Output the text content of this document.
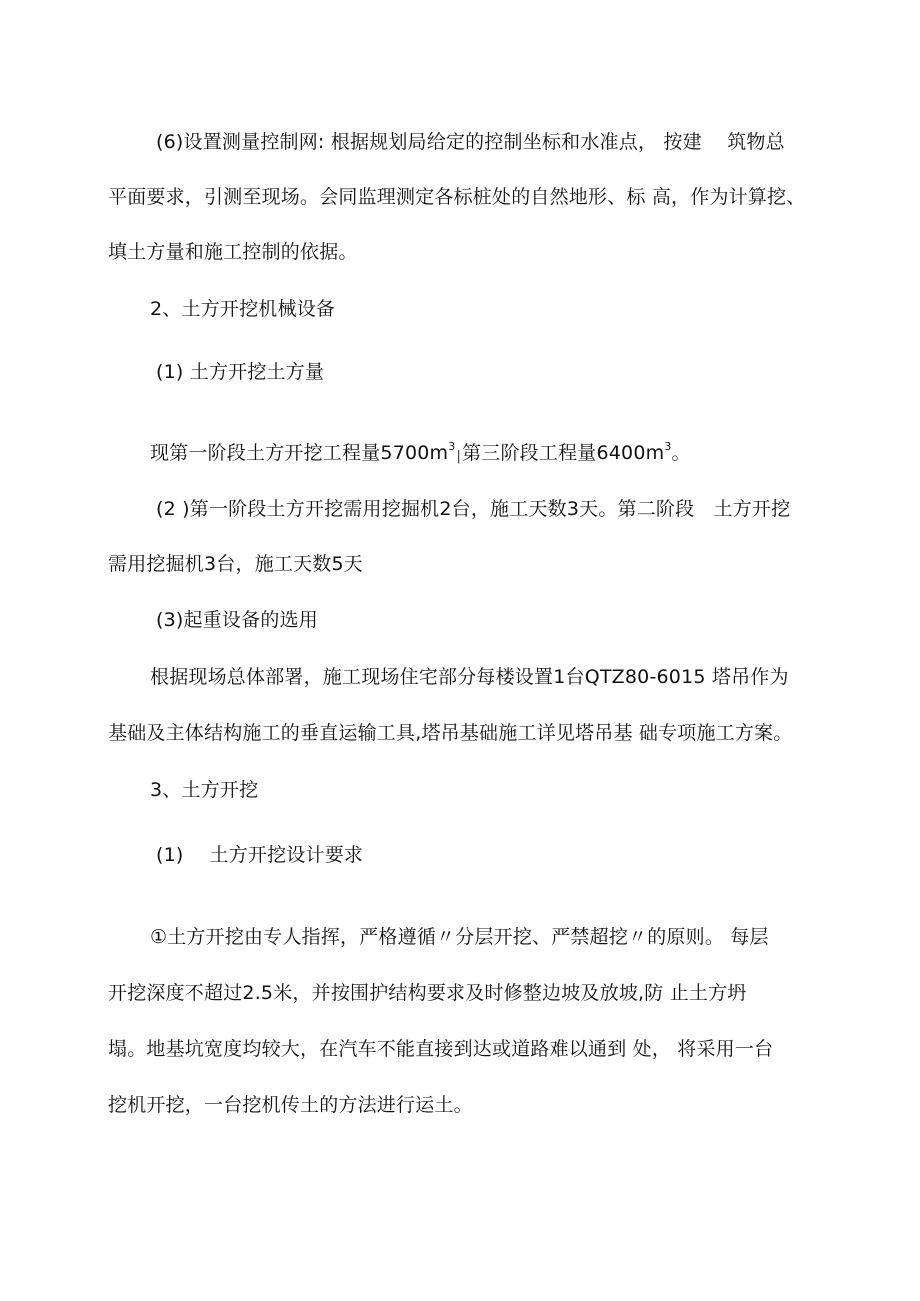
(6)设置测量控制网: 根据规划局给定的控制坐标和水准点， 按建　 筑物总
平面要求，引测至现场。会同监理测定各标桩处的自然地形、标 高，作为计算挖、
填土方量和施工控制的依据。
2、土方开挖机械设备
(1) 土方开挖土方量
现第一阶段土方开挖工程量$5700m^3|$第三阶段工程量$6400m^3$。
(2 )第一阶段土方开挖需用挖掘机2台，施工天数3天。第二阶段　土方开挖
需用挖掘机3台，施工天数5天
(3)起重设备的选用
根据现场总体部署，施工现场住宅部分每楼设置1台QTZ80-6015 塔吊作为
基础及主体结构施工的垂直运输工具,塔吊基础施工详见塔吊基 础专项施工方案。
3、土方开挖
(1) 土方开挖设计要求
①土方开挖由专人指挥，严格遵循〃分层开挖、严禁超挖〃的原则。 每层
开挖深度不超过2.5米，并按围护结构要求及时修整边坡及放坡,防 止土方坍
塌。地基坑宽度均较大，在汽车不能直接到达或道路难以通到 处， 将采用一台
挖机开挖，一台挖机传土的方法进行运土。
